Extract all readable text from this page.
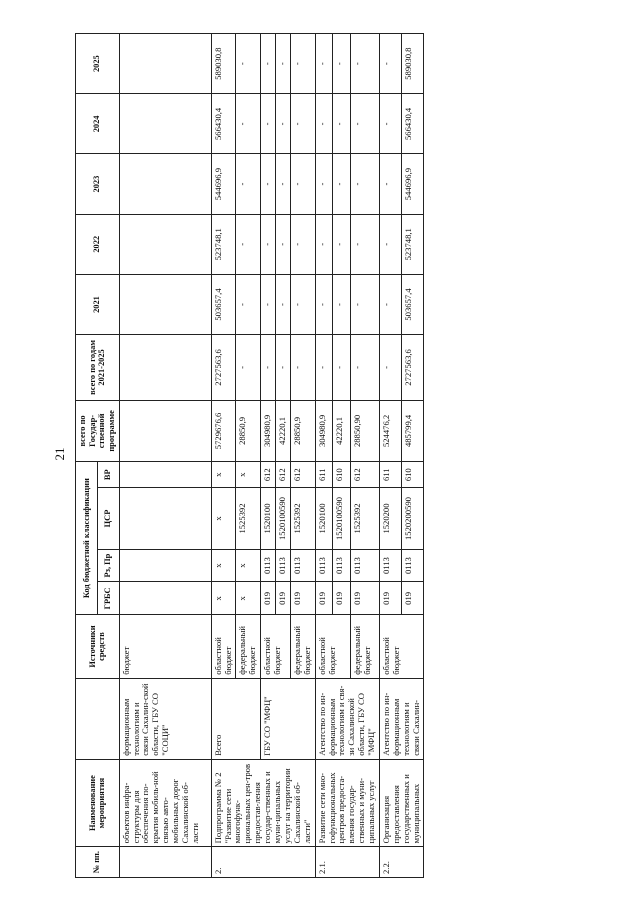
21
№ пп.	Наименование мероприятия		Источники средств	Код бюджетной классификации				всего по Государ-ственной программе	всего по годам 2021-2025	2021	2022	2023	2024	2025
				ГРБС	Рз, Пр	ЦСР	ВР							
	объектов инфра-структуры для обеспечения по-крытия мобиль-ной связью авто-мобильных дорог Сахалинской об-ласти	формационным технологиям и связи Сахалин-ской области, ГБУ СО "СОЦИ"	бюджет											
2.	Подпрограмма № 2 "Развитие сети многофунк-циональных цен-тров предостав-ления государ-ственных и муни-ципальных услуг на территории Сахалинской об-ласти"	Всего	областной бюджет	x	x	x	x	5729676,6	2727563,6	503657,4	523748,1	544696,9	566430,4	589030,8
			федеральный бюджет	x	x	1525392	x	28850,9	-	-	-	-	-	-
		ГБУ СО "МФЦ"	областной бюджет	019	0113	1520100	612	304980,9	-	-	-	-	-	-
				019	0113	1520100590	612	42220,1	-	-	-	-	-	-
			федеральный бюджет	019	0113	1525392	612	28850,9	-	-	-	-	-	-
2.1.	Развитие сети мно-гофункциональных центров предоста-вления государ-ственных и муни-ципальных услуг	Агентство по ин-формационным технологиям и свя-зи Сахалинской области, ГБУ СО "МФЦ"	областной бюджет	019	0113	1520100	611	304980,9	-	-	-	-	-	-
				019	0113	1520100590	610	42220,1	-	-	-	-	-	-
			федеральный бюджет	019	0113	1525392	612	28850,90	-	-	-	-	-	-
2.2.	Организация предоставления государственных и муниципальных	Агентство по ин-формационным технологиям и связи Сахалин-	областной бюджет	019	0113	1520200	611	524476,2	-	-	-	-	-	-
				019	0113	1520200590	610	485799,4	2727563,6	503657,4	523748,1	544696,9	566430,4	589030,8
